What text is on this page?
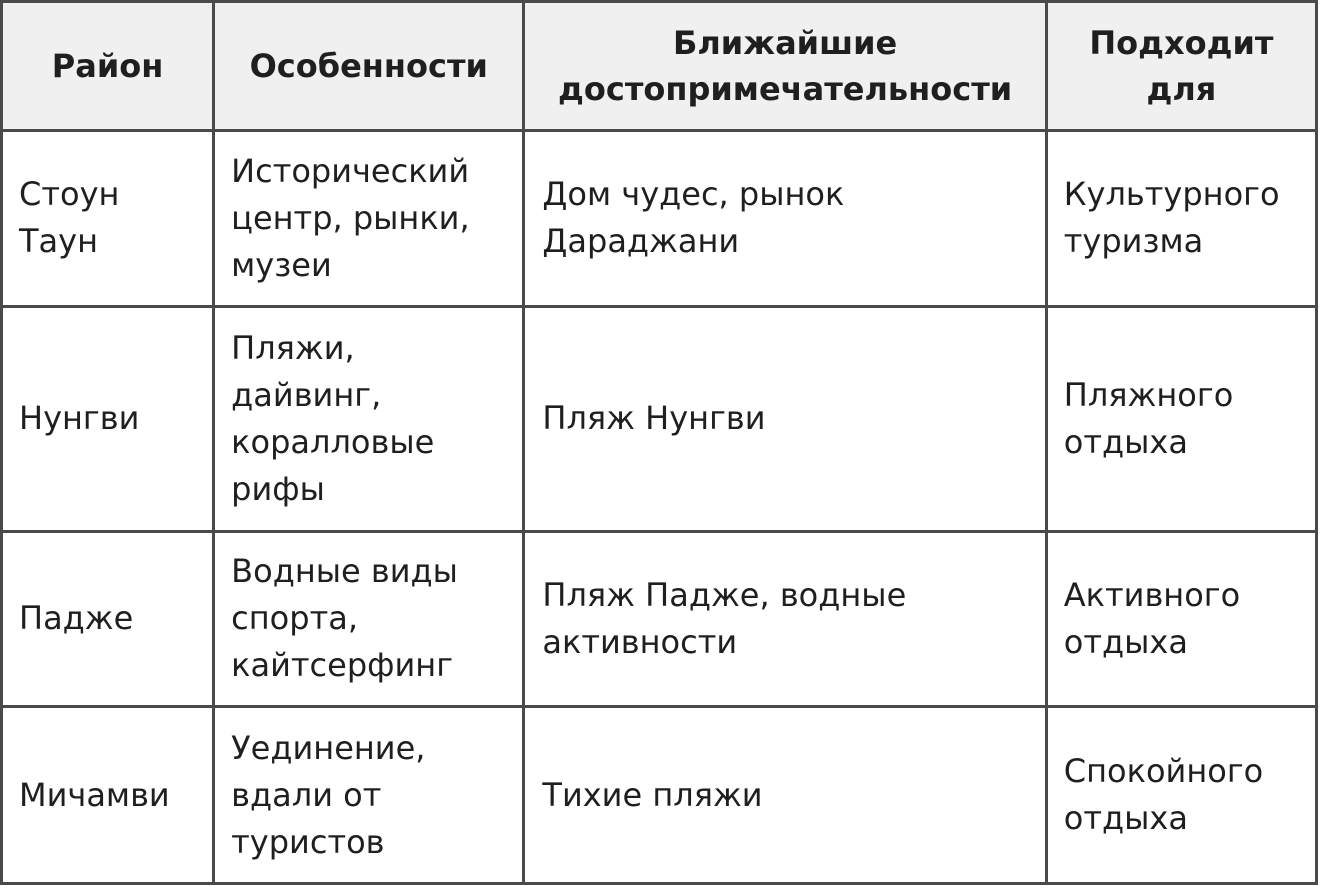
Район	Особенности	Ближайшие достопримечательности	Подходит для
Стоун Таун	Исторический центр, рынки, музеи	Дом чудес, рынок Дараджани	Культурного туризма
Нунгви	Пляжи, дайвинг, коралловые рифы	Пляж Нунгви	Пляжного отдыха
Падже	Водные виды спорта, кайтсерфинг	Пляж Падже, водные активности	Активного отдыха
Мичамви	Уединение, вдали от туристов	Тихие пляжи	Спокойного отдыха
